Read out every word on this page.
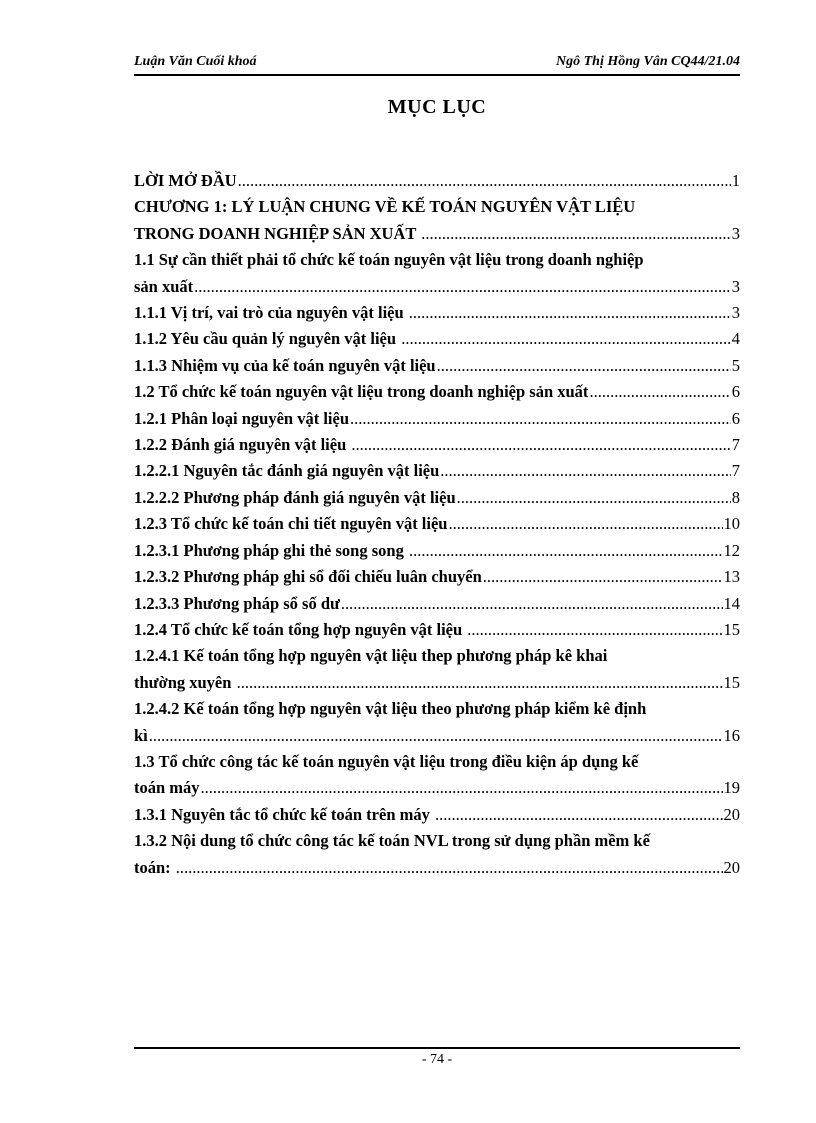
Luận Văn Cuối khoá	Ngô Thị Hồng Vân CQ44/21.04
MỤC LỤC
LỜI MỞ ĐẦU .....	1
CHƯƠNG 1: LÝ LUẬN CHUNG VỀ KẾ TOÁN NGUYÊN VẬT LIỆU
TRONG DOANH NGHIỆP SẢN XUẤT .....	3
1.1 Sự cần thiết phải tổ chức kế toán nguyên vật liệu trong doanh nghiệp
sản xuất .....	3
1.1.1 Vị trí, vai trò của nguyên vật liệu .....	3
1.1.2 Yêu cầu quản lý nguyên vật liệu .....	4
1.1.3 Nhiệm vụ của kế toán nguyên vật liệu .....	5
1.2 Tổ chức kế toán nguyên vật liệu trong doanh nghiệp sản xuất .....	6
1.2.1 Phân loại nguyên vật liệu .....	6
1.2.2 Đánh giá nguyên vật liệu .....	7
1.2.2.1 Nguyên tắc đánh giá nguyên vật liệu .....	7
1.2.2.2 Phương pháp đánh giá nguyên vật liệu .....	8
1.2.3 Tổ chức kế toán chi tiết nguyên vật liệu .....	10
1.2.3.1 Phương pháp ghi thẻ song song .....	12
1.2.3.2 Phương pháp ghi sổ đối chiếu luân chuyển .....	13
1.2.3.3 Phương pháp sổ số dư .....	14
1.2.4 Tổ chức kế toán tổng hợp nguyên vật liệu .....	15
1.2.4.1 Kế toán tổng hợp nguyên vật liệu thep phương pháp kê khai
thường xuyên .....	15
1.2.4.2 Kế toán tổng hợp nguyên vật liệu theo phương pháp kiểm kê định
kì .....	16
1.3 Tổ chức công tác kế toán nguyên vật liệu trong điều kiện áp dụng kế
toán máy .....	19
1.3.1 Nguyên tắc tổ chức kế toán trên máy .....	20
1.3.2 Nội dung tổ chức công tác kế toán NVL trong sử dụng phần mềm kế
toán: .....	20
- 74 -
